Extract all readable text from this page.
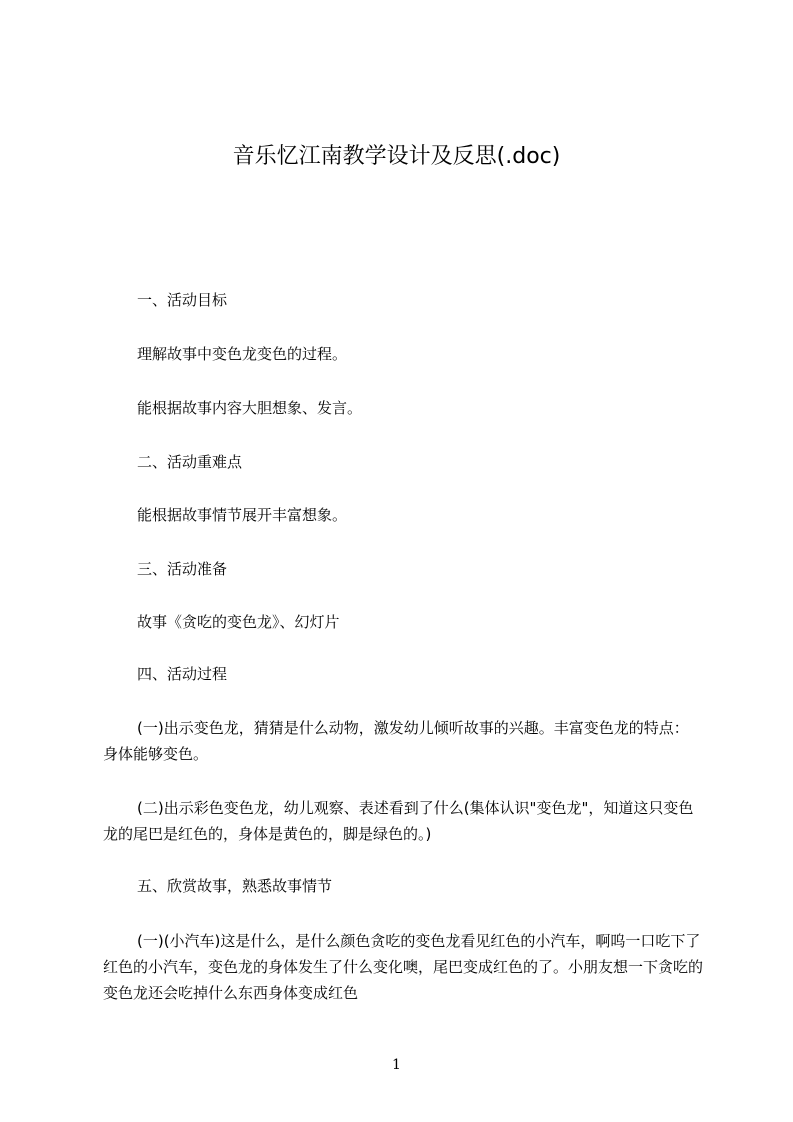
音乐忆江南教学设计及反思(.doc)

一、活动目标

理解故事中变色龙变色的过程。

能根据故事内容大胆想象、发言。

二、活动重难点

能根据故事情节展开丰富想象。

三、活动准备

故事《贪吃的变色龙》、幻灯片

四、活动过程

(一)出示变色龙，猜猜是什么动物，激发幼儿倾听故事的兴趣。丰富变色龙的特点：身体能够变色。

(二)出示彩色变色龙，幼儿观察、表述看到了什么(集体认识"变色龙"，知道这只变色龙的尾巴是红色的，身体是黄色的，脚是绿色的。)

五、欣赏故事，熟悉故事情节

(一)(小汽车)这是什么，是什么颜色贪吃的变色龙看见红色的小汽车，啊呜一口吃下了红色的小汽车，变色龙的身体发生了什么变化噢，尾巴变成红色的了。小朋友想一下贪吃的变色龙还会吃掉什么东西身体变成红色

1
